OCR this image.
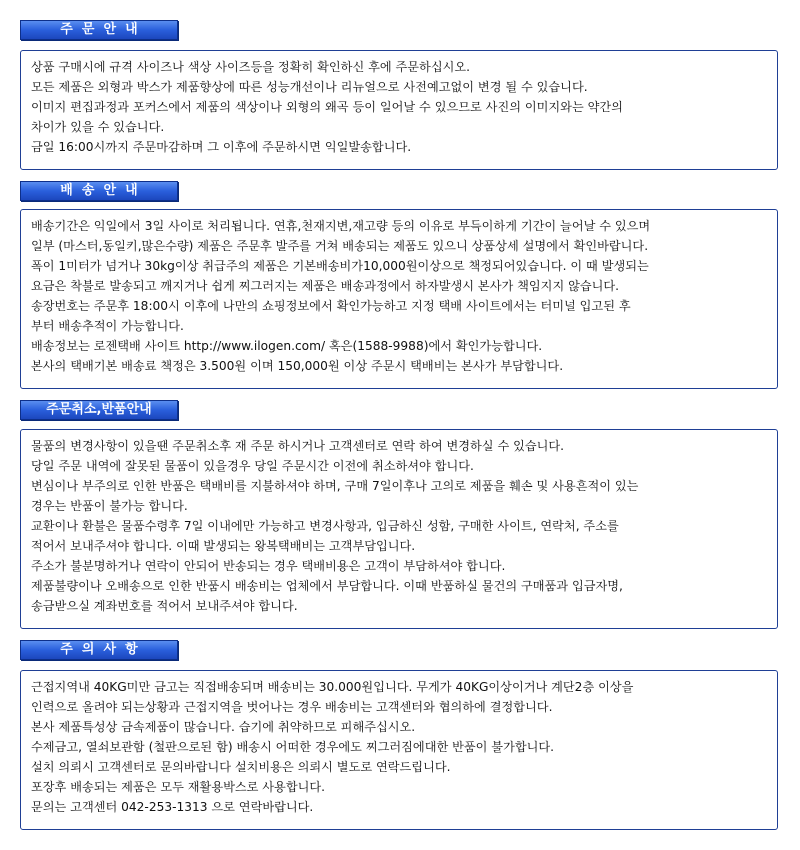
주  문  안  내
상품 구매시에 규격 사이즈나 색상 사이즈등을 정확히 확인하신 후에 주문하십시오.
모든 제품은 외형과 박스가 제품향상에 따른 성능개선이나 리뉴얼으로 사전예고없이 변경 될 수 있습니다.
이미지 편집과정과 포커스에서 제품의 색상이나 외형의 왜곡 등이 일어날 수 있으므로 사진의 이미지와는 약간의
차이가 있을 수 있습니다.
금일 16:00시까지 주문마감하며 그 이후에 주문하시면 익일발송합니다.
배  송  안  내
배송기간은 익일에서 3일 사이로 처리됩니다. 연휴,천재지변,재고량 등의 이유로 부득이하게 기간이 늘어날 수 있으며
일부 (마스터,동일키,많은수량) 제품은 주문후 발주를 거쳐 배송되는 제품도 있으니 상품상세 설명에서 확인바랍니다.
폭이 1미터가 넘거나 30kg이상 취급주의 제품은 기본배송비가10,000원이상으로 책정되어있습니다. 이 때 발생되는
요금은 착불로 발송되고 깨지거나 쉽게 찌그러지는 제품은 배송과정에서 하자발생시 본사가 책임지지 않습니다.
송장번호는 주문후 18:00시 이후에 나만의 쇼핑정보에서 확인가능하고 지정 택배 사이트에서는 터미널 입고된 후
부터 배송추적이 가능합니다.
배송정보는 로젠택배 사이트 http://www.ilogen.com/ 혹은(1588-9988)에서 확인가능합니다.
본사의 택배기본 배송료 책정은 3.500원 이며 150,000원 이상 주문시 택배비는 본사가 부담합니다.
주문취소,반품안내
물품의 변경사항이 있을땐 주문취소후 재 주문 하시거나 고객센터로 연락 하여 변경하실 수 있습니다.
당일 주문 내역에 잘못된 물품이 있을경우 당일 주문시간 이전에 취소하셔야 합니다.
변심이나 부주의로 인한 반품은 택배비를 지불하셔야 하며, 구매 7일이후나 고의로 제품을 훼손 및 사용흔적이 있는
경우는 반품이 불가능 합니다.
교환이나 환불은 물품수령후 7일 이내에만 가능하고 변경사항과, 입금하신 성함, 구매한 사이트, 연락처, 주소를
적어서 보내주셔야 합니다. 이때 발생되는 왕복택배비는 고객부담입니다.
주소가 불분명하거나 연락이 안되어 반송되는 경우 택배비용은 고객이 부담하셔야 합니다.
제품불량이나 오배송으로 인한 반품시 배송비는 업체에서 부담합니다. 이때 반품하실 물건의 구매품과 입금자명,
송금받으실 계좌번호를 적어서 보내주셔야 합니다.
주  의  사  항
근접지역내 40KG미만 금고는 직접배송되며 배송비는 30.000원입니다. 무게가 40KG이상이거나 계단2층 이상을
인력으로 올려야 되는상황과 근접지역을 벗어나는 경우 배송비는 고객센터와 협의하에 결정합니다.
본사 제품특성상 금속제품이 많습니다. 습기에 취약하므로 피해주십시오.
수제금고, 열쇠보관함 (철판으로된 함) 배송시 어떠한 경우에도 찌그러짐에대한 반품이 불가합니다.
설치 의뢰시 고객센터로 문의바랍니다 설치비용은 의뢰시 별도로 연락드립니다.
포장후 배송되는 제품은 모두 재활용박스로 사용합니다.
문의는 고객센터 042-253-1313 으로 연락바랍니다.
